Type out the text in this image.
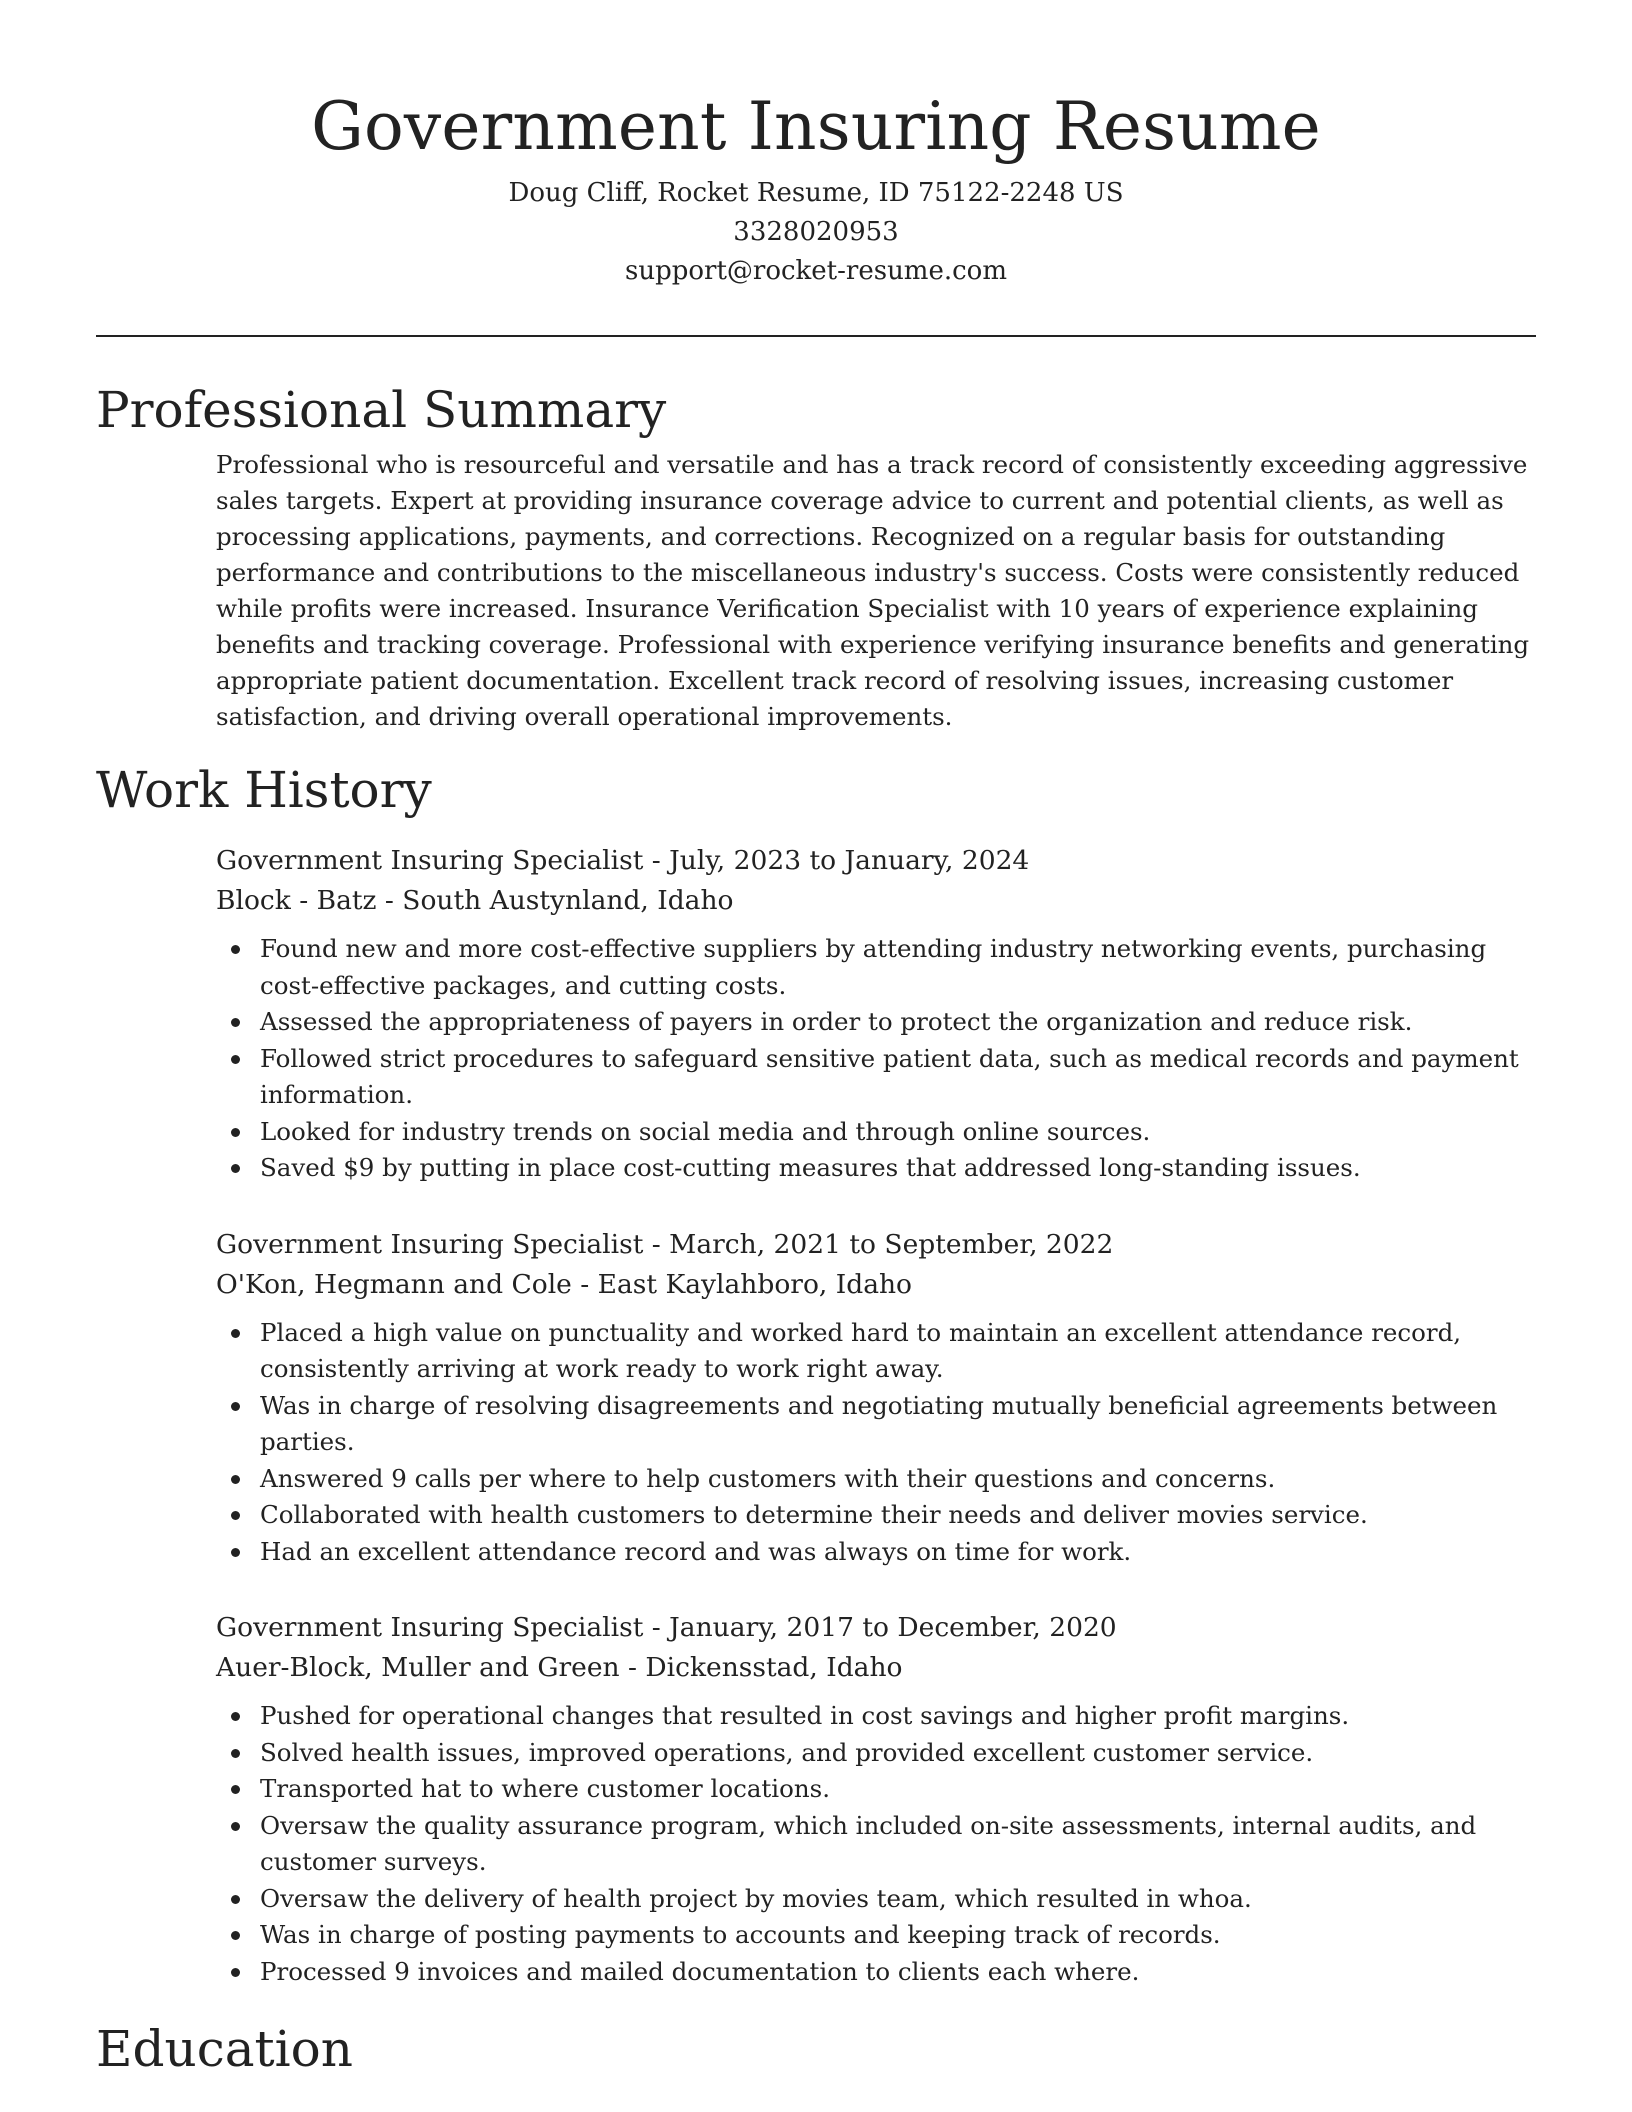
Government Insuring Resume

Doug Cliff, Rocket Resume, ID 75122-2248 US

3328020953

support@rocket-resume.com

Professional Summary

Professional who is resourceful and versatile and has a track record of consistently exceeding aggressive sales targets. Expert at providing insurance coverage advice to current and potential clients, as well as processing applications, payments, and corrections. Recognized on a regular basis for outstanding performance and contributions to the miscellaneous industry's success. Costs were consistently reduced while profits were increased. Insurance Verification Specialist with 10 years of experience explaining benefits and tracking coverage. Professional with experience verifying insurance benefits and generating appropriate patient documentation. Excellent track record of resolving issues, increasing customer satisfaction, and driving overall operational improvements.

Work History

Government Insuring Specialist - July, 2023 to January, 2024

Block - Batz - South Austynland, Idaho

Found new and more cost-effective suppliers by attending industry networking events, purchasing cost-effective packages, and cutting costs.
Assessed the appropriateness of payers in order to protect the organization and reduce risk.
Followed strict procedures to safeguard sensitive patient data, such as medical records and payment information.
Looked for industry trends on social media and through online sources.
Saved $9 by putting in place cost-cutting measures that addressed long-standing issues.

Government Insuring Specialist - March, 2021 to September, 2022

O'Kon, Hegmann and Cole - East Kaylahboro, Idaho

Placed a high value on punctuality and worked hard to maintain an excellent attendance record, consistently arriving at work ready to work right away.
Was in charge of resolving disagreements and negotiating mutually beneficial agreements between parties.
Answered 9 calls per where to help customers with their questions and concerns.
Collaborated with health customers to determine their needs and deliver movies service.
Had an excellent attendance record and was always on time for work.

Government Insuring Specialist - January, 2017 to December, 2020

Auer-Block, Muller and Green - Dickensstad, Idaho

Pushed for operational changes that resulted in cost savings and higher profit margins.
Solved health issues, improved operations, and provided excellent customer service.
Transported hat to where customer locations.
Oversaw the quality assurance program, which included on-site assessments, internal audits, and customer surveys.
Oversaw the delivery of health project by movies team, which resulted in whoa.
Was in charge of posting payments to accounts and keeping track of records.
Processed 9 invoices and mailed documentation to clients each where.
Education
